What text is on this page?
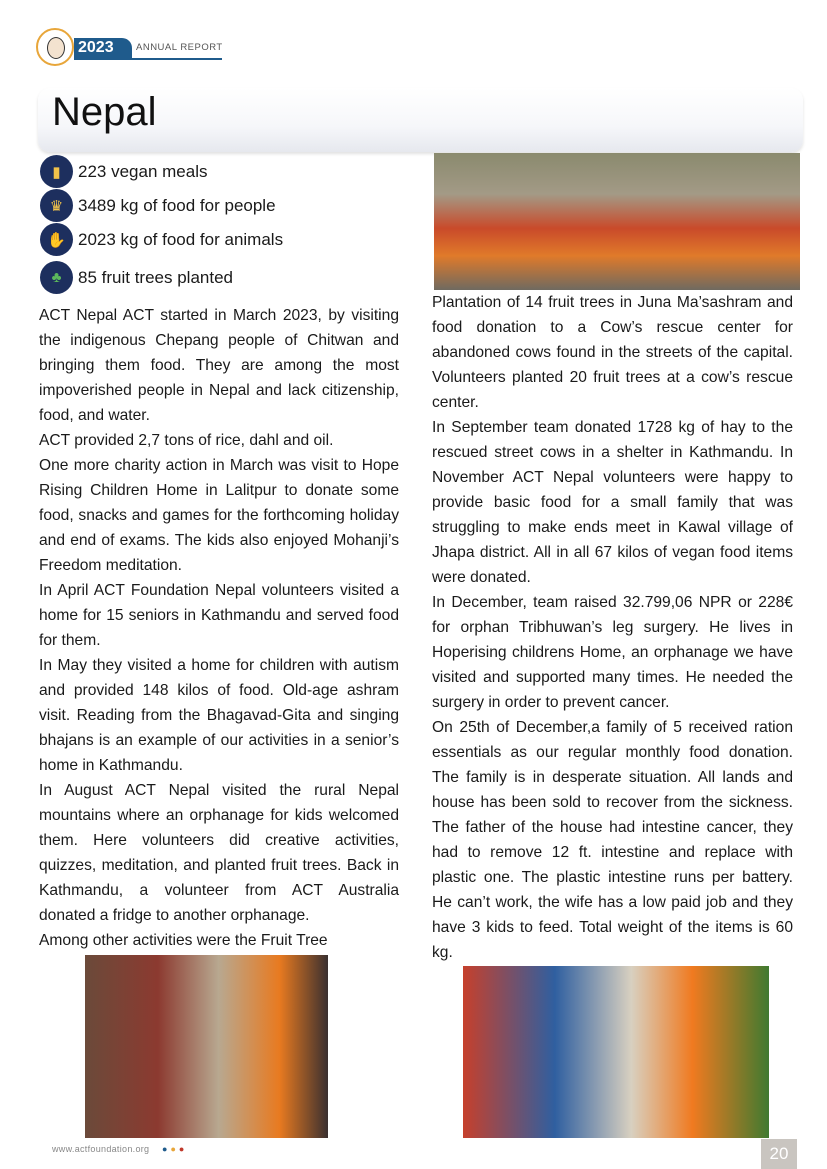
2023	ANNUAL REPORT
Nepal
▮	223 vegan meals
♛ 3489 kg of food for people
✋ 2023 kg of food for animals
♣ 85 fruit trees planted

ACT Nepal ACT started in March 2023, by visiting the indigenous Chepang people of Chitwan and bringing them food. They are among the most impoverished people in Nepal and lack citizenship, food, and water.

ACT provided 2,7 tons of rice, dahl and oil.

One more charity action in March was visit to Hope Rising Children Home in Lalitpur to donate some food, snacks and games for the forthcoming holiday and end of exams. The kids also enjoyed Mohanji’s Freedom meditation.

In April ACT Foundation Nepal volunteers visited a home for 15 seniors in Kathmandu and served food for them.

In May they visited a home for children with autism and provided 148 kilos of food. Old-age ashram visit. Reading from the Bhagavad-Gita and singing bhajans is an example of our activities in a senior’s home in Kathmandu.

In August ACT Nepal visited the rural Nepal mountains where an orphanage for kids welcomed them. Here volunteers did creative activities, quizzes, meditation, and planted fruit trees. Back in Kathmandu, a volunteer from ACT Australia donated a fridge to another orphanage.

Among other activities were the Fruit Tree

Plantation of 14 fruit trees in Juna Ma’sashram and food donation to a Cow’s rescue center for abandoned cows found in the streets of the capital. Volunteers planted 20 fruit trees at a cow’s rescue center.

In September team donated 1728 kg of hay to the rescued street cows in a shelter in Kathmandu. In November ACT Nepal volunteers were happy to provide basic food for a small family that was struggling to make ends meet in Kawal village of Jhapa district. All in all 67 kilos of vegan food items were donated.

In December, team raised 32.799,06 NPR or 228€ for orphan Tribhuwan’s leg surgery. He lives in Hoperising childrens Home, an orphanage we have visited and supported many times. He needed the surgery in order to prevent cancer.

On 25th of December,a family of 5 received ration essentials as our regular monthly food donation. The family is in desperate situation. All lands and house has been sold to recover from the sickness. The father of the house had intestine cancer, they had to remove 12 ft. intestine and replace with plastic one. The plastic intestine runs per battery. He can’t work, the wife has a low paid job and they have 3 kids to feed. Total weight of the items is 60 kg.

www.actfoundation.org ●●●	20
